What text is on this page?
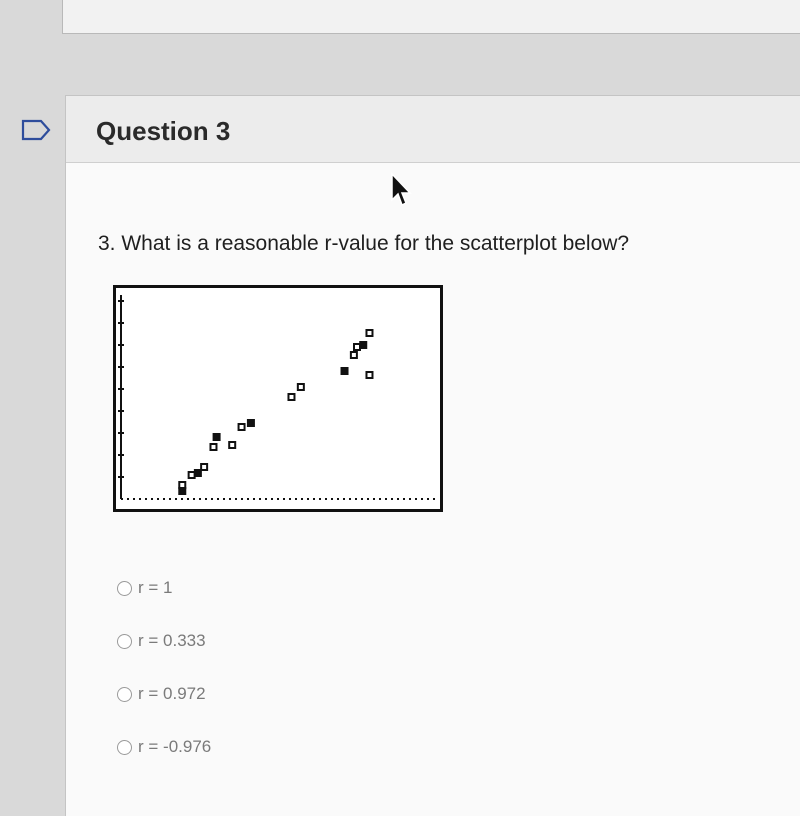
Question 3
3. What is a reasonable r-value for the scatterplot below?
r = 1
r = 0.333
r = 0.972
r = -0.976
